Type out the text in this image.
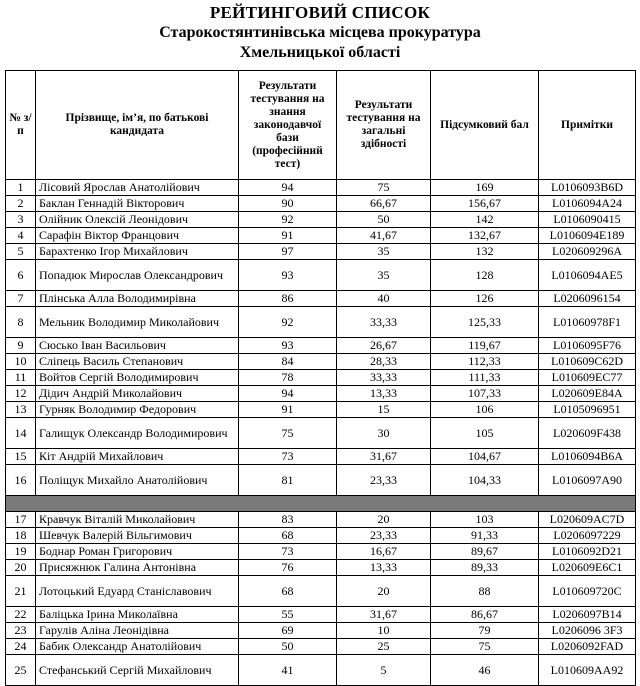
РЕЙТИНГОВИЙ СПИСОК
Старокостянтинівська місцева прокуратура
Хмельницької області
№ з/п	Прізвище, ім’я, по батькові кандидата	Результати тестування на знання законодавчої бази (професійний тест)	Результати тестування на загальні здібності	Підсумковий бал	Примітки
1	Лісовий Ярослав Анатолійович	94	75	169	L0106093B6D
2	Баклан Геннадій Вікторович	90	66,67	156,67	L0106094A24
3	Олійник Олексій Леонідович	92	50	142	L0106090415
4	Сарафін Віктор Францович	91	41,67	132,67	L0106094E189
5	Барахтенко Ігор Михайлович	97	35	132	L020609296A
6	Попадюк Мирослав Олександрович	93	35	128	L0106094AE5
7	Плінська Алла Володимирівна	86	40	126	L0206096154
8	Мельник Володимир Миколайович	92	33,33	125,33	L01060978F1
9	Сюсько Іван Васильович	93	26,67	119,67	L0106095F76
10	Сліпець Василь Степанович	84	28,33	112,33	L010609C62D
11	Войтов Сергій Володимирович	78	33,33	111,33	L010609EC77
12	Дідич Андрій Миколайович	94	13,33	107,33	L020609E84A
13	Гурняк Володимир Федорович	91	15	106	L0105096951
14	Галищук Олександр Володимирович	75	30	105	L020609F438
15	Кіт Андрій Михайлович	73	31,67	104,67	L0106094B6A
16	Поліщук Михайло Анатолійович	81	23,33	104,33	L0106097A90

17	Кравчук Віталій Миколайович	83	20	103	L020609AC7D
18	Шевчук Валерій Вільгимович	68	23,33	91,33	L0206097229
19	Боднар Роман Григорович	73	16,67	89,67	L0106092D21
20	Присяжнюк Галина Антонівна	76	13,33	89,33	L020609E6C1
21	Лотоцький Едуард Станіславович	68	20	88	L010609720C
22	Баліцька Ірина Миколаївна	55	31,67	86,67	L0206097B14
23	Гарулів Аліна Леонідівна	69	10	79	L0206096 3F3
24	Бабик Олександр Анатолійович	50	25	75	L0206092FAD
25	Стефанський Сергій Михайлович	41	5	46	L010609AA92
